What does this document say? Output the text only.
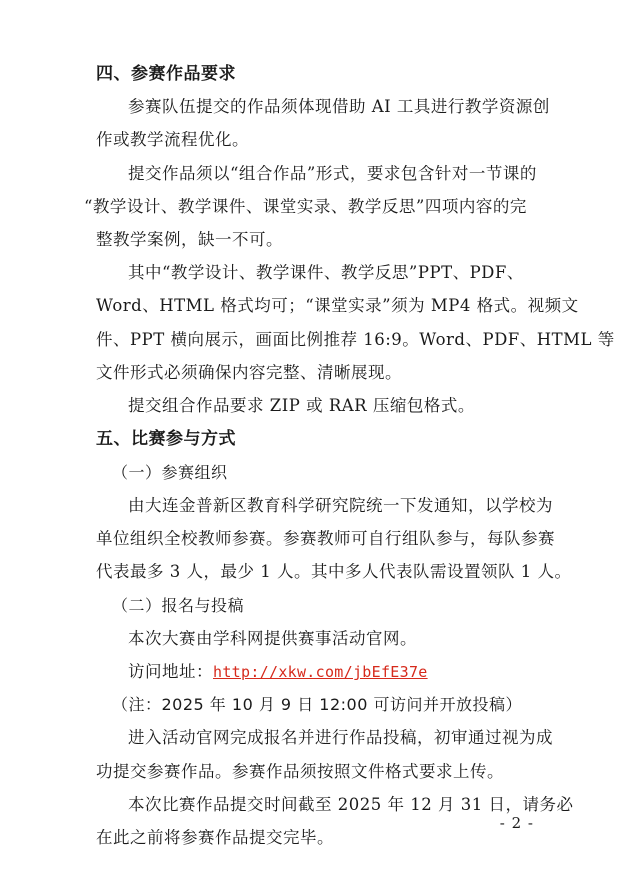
四、参赛作品要求
参赛队伍提交的作品须体现借助 AI 工具进行教学资源创
作或教学流程优化。
提交作品须以“组合作品”形式，要求包含针对一节课的
“教学设计、教学课件、课堂实录、教学反思”四项内容的完
整教学案例，缺一不可。
其中“教学设计、教学课件、教学反思”PPT、PDF、
Word、HTML 格式均可；“课堂实录”须为 MP4 格式。视频文
件、PPT 横向展示，画面比例推荐 16:9。Word、PDF、HTML 等
文件形式必须确保内容完整、清晰展现。
提交组合作品要求 ZIP 或 RAR 压缩包格式。
五、比赛参与方式
（一）参赛组织
由大连金普新区教育科学研究院统一下发通知，以学校为
单位组织全校教师参赛。参赛教师可自行组队参与，每队参赛
代表最多 3 人，最少 1 人。其中多人代表队需设置领队 1 人。
（二）报名与投稿
本次大赛由学科网提供赛事活动官网。
访问地址：http://xkw.com/jbEfE37e
（注：2025 年 10 月 9 日 12:00 可访问并开放投稿）
进入活动官网完成报名并进行作品投稿，初审通过视为成
功提交参赛作品。参赛作品须按照文件格式要求上传。
本次比赛作品提交时间截至 2025 年 12 月 31 日，请务必
在此之前将参赛作品提交完毕。
- 2 -
